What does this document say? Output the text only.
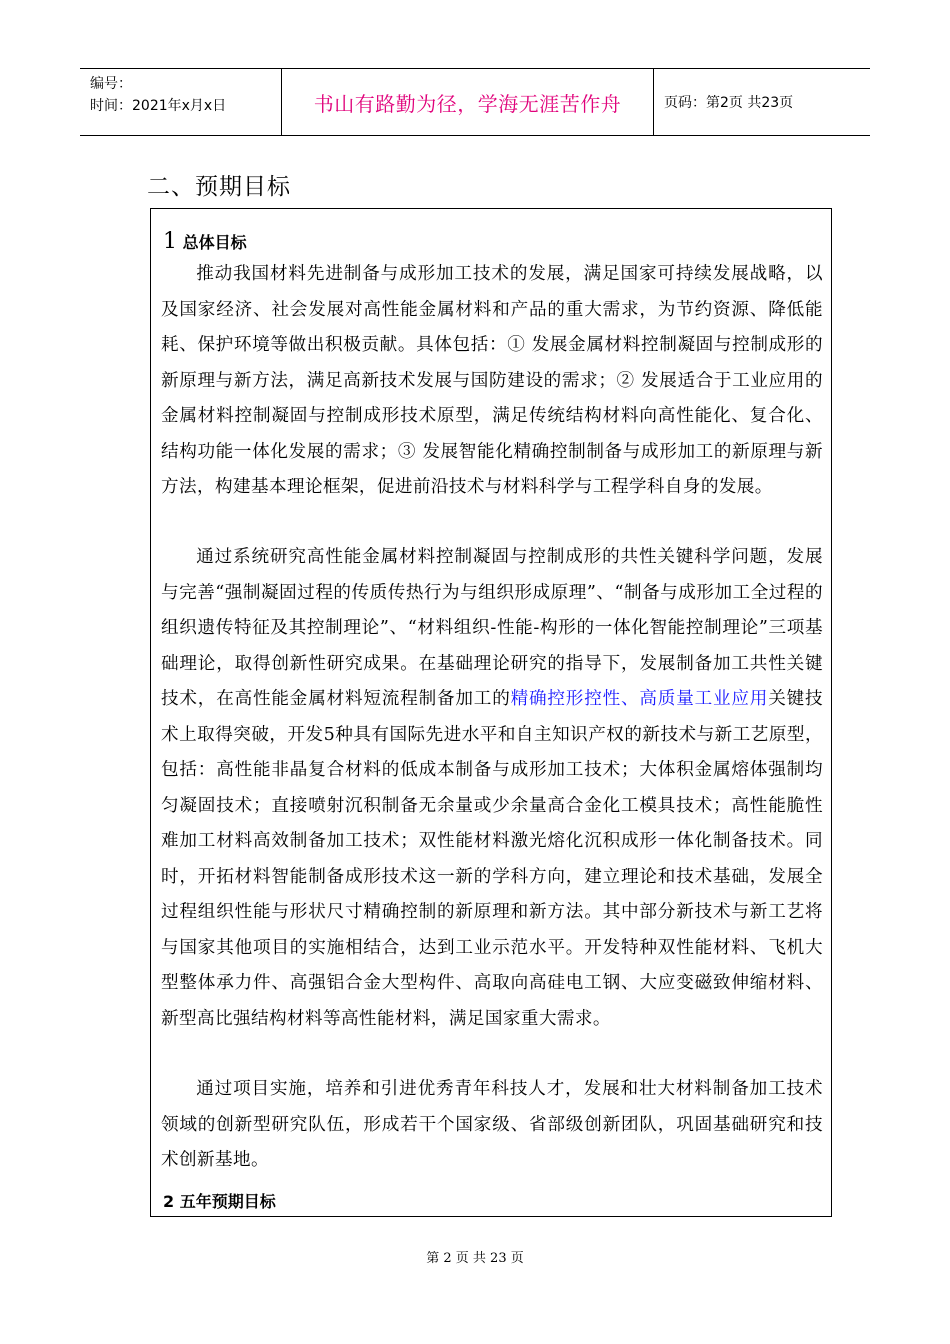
编号：
时间：2021年x月x日	书山有路勤为径，学海无涯苦作舟	页码：第2页 共23页
二、预期目标
1 总体目标

推动我国材料先进制备与成形加工技术的发展，满足国家可持续发展战略，以及国家经济、社会发展对高性能金属材料和产品的重大需求，为节约资源、降低能耗、保护环境等做出积极贡献。具体包括：① 发展金属材料控制凝固与控制成形的新原理与新方法，满足高新技术发展与国防建设的需求；② 发展适合于工业应用的金属材料控制凝固与控制成形技术原型，满足传统结构材料向高性能化、复合化、结构功能一体化发展的需求；③ 发展智能化精确控制制备与成形加工的新原理与新方法，构建基本理论框架，促进前沿技术与材料科学与工程学科自身的发展。

通过系统研究高性能金属材料控制凝固与控制成形的共性关键科学问题，发展与完善“强制凝固过程的传质传热行为与组织形成原理”、“制备与成形加工全过程的组织遗传特征及其控制理论”、“材料组织-性能-构形的一体化智能控制理论”三项基础理论，取得创新性研究成果。在基础理论研究的指导下，发展制备加工共性关键技术，在高性能金属材料短流程制备加工的精确控形控性、高质量工业应用关键技术上取得突破，开发5种具有国际先进水平和自主知识产权的新技术与新工艺原型，包括：高性能非晶复合材料的低成本制备与成形加工技术；大体积金属熔体强制均匀凝固技术；直接喷射沉积制备无余量或少余量高合金化工模具技术；高性能脆性难加工材料高效制备加工技术；双性能材料激光熔化沉积成形一体化制备技术。同时，开拓材料智能制备成形技术这一新的学科方向，建立理论和技术基础，发展全过程组织性能与形状尺寸精确控制的新原理和新方法。其中部分新技术与新工艺将与国家其他项目的实施相结合，达到工业示范水平。开发特种双性能材料、飞机大型整体承力件、高强铝合金大型构件、高取向高硅电工钢、大应变磁致伸缩材料、新型高比强结构材料等高性能材料，满足国家重大需求。

通过项目实施，培养和引进优秀青年科技人才，发展和壮大材料制备加工技术领域的创新型研究队伍，形成若干个国家级、省部级创新团队，巩固基础研究和技术创新基地。

2 五年预期目标
第 2 页 共 23 页
